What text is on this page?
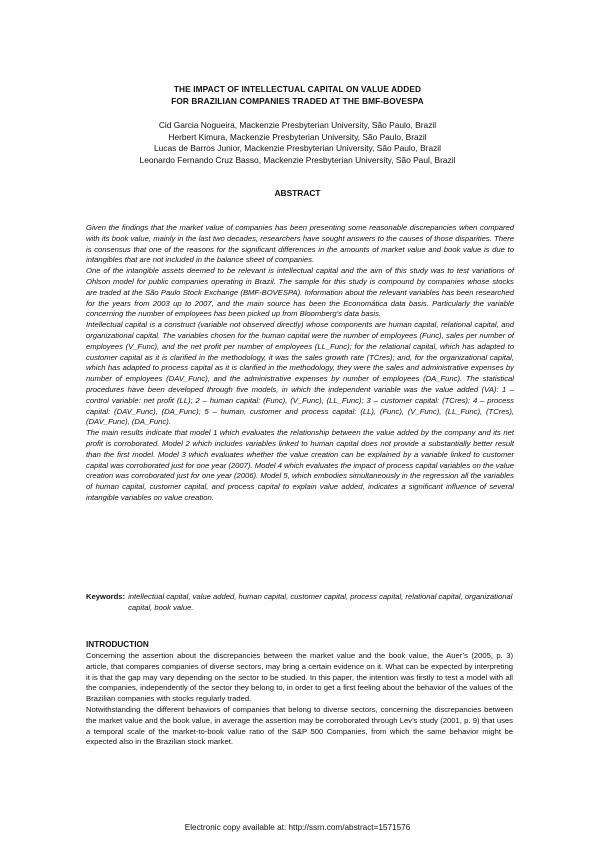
THE IMPACT OF INTELLECTUAL CAPITAL ON VALUE ADDED
FOR BRAZILIAN COMPANIES TRADED AT THE BMF-BOVESPA
Cid Garcia Nogueira, Mackenzie Presbyterian University, São Paulo, Brazil
Herbert Kimura, Mackenzie Presbyterian University, São Paulo, Brazil
Lucas de Barros Junior, Mackenzie Presbyterian University, São Paulo, Brazil
Leonardo Fernando Cruz Basso, Mackenzie Presbyterian University, São Paul, Brazil
ABSTRACT

Given the findings that the market value of companies has been presenting some reasonable discrepancies when compared with its book value, mainly in the last two decades, researchers have sought answers to the causes of those disparities. There is consensus that one of the reasons for the significant differences in the amounts of market value and book value is due to intangibles that are not included in the balance sheet of companies.

One of the intangible assets deemed to be relevant is intellectual capital and the aim of this study was to test variations of Ohlson model for public companies operating in Brazil. The sample for this study is compound by companies whose stocks are traded at the São Paulo Stock Exchange (BMF-BOVESPA). Information about the relevant variables has been researched for the years from 2003 up to 2007, and the main source has been the Economática data basis. Particularly the variable concerning the number of employees has been picked up from Bloomberg’s data basis.

Intellectual capital is a construct (variable not observed directly) whose components are human capital, relational capital, and organizational capital. The variables chosen for the human capital were the number of employees (Func), sales per number of employees (V_Func), and the net profit per number of employees (LL_Func); for the relational capital, which has adapted to customer capital as it is clarified in the methodology, it was the sales growth rate (TCres); and, for the organizational capital, which has adapted to process capital as it is clarified in the methodology, they were the sales and administrative expenses by number of employees (DAV_Func), and the administrative expenses by number of employees (DA_Func). The statistical procedures have been developed through five models, in which the independent variable was the value added (VA): 1 – control variable: net profit (LL); 2 – human capital: (Func), (V_Func), (LL_Func); 3 – customer capital: (TCres); 4 – process capital: (DAV_Func), (DA_Func); 5 – human, customer and process capital: (LL), (Func), (V_Func), (LL_Func), (TCres), (DAV_Func), (DA_Func).

The main results indicate that model 1 which evaluates the relationship between the value added by the company and its net profit is corroborated. Model 2 which includes variables linked to human capital does not provide a substantially better result than the first model. Model 3 which evaluates whether the value creation can be explained by a variable linked to customer capital was corroborated just for one year (2007). Model 4 which evaluates the impact of process capital variables on the value creation was corroborated just for one year (2006). Model 5, which embodies simultaneously in the regression all the variables of human capital, customer capital, and process capital to explain value added, indicates a significant influence of several intangible variables on value creation.

Keywords: intellectual capital, value added, human capital, customer capital, process capital, relational capital, organizational capital, book value.
INTRODUCTION

Concerning the assertion about the discrepancies between the market value and the book value, the Auer’s (2005, p. 3) article, that compares companies of diverse sectors, may bring a certain evidence on it. What can be expected by interpreting it is that the gap may vary depending on the sector to be studied. In this paper, the intention was firstly to test a model with all the companies, independently of the sector they belong to, in order to get a first feeling about the behavior of the values of the Brazilian companies with stocks regularly traded.

Notwithstanding the different behaviors of companies that belong to diverse sectors, concerning the discrepancies between the market value and the book value, in average the assertion may be corroborated through Lev’s study (2001, p. 9) that uses a temporal scale of the market-to-book value ratio of the S&P 500 Companies, from which the same behavior might be expected also in the Brazilian stock market.

Electronic copy available at: http://ssrn.com/abstract=1571576
